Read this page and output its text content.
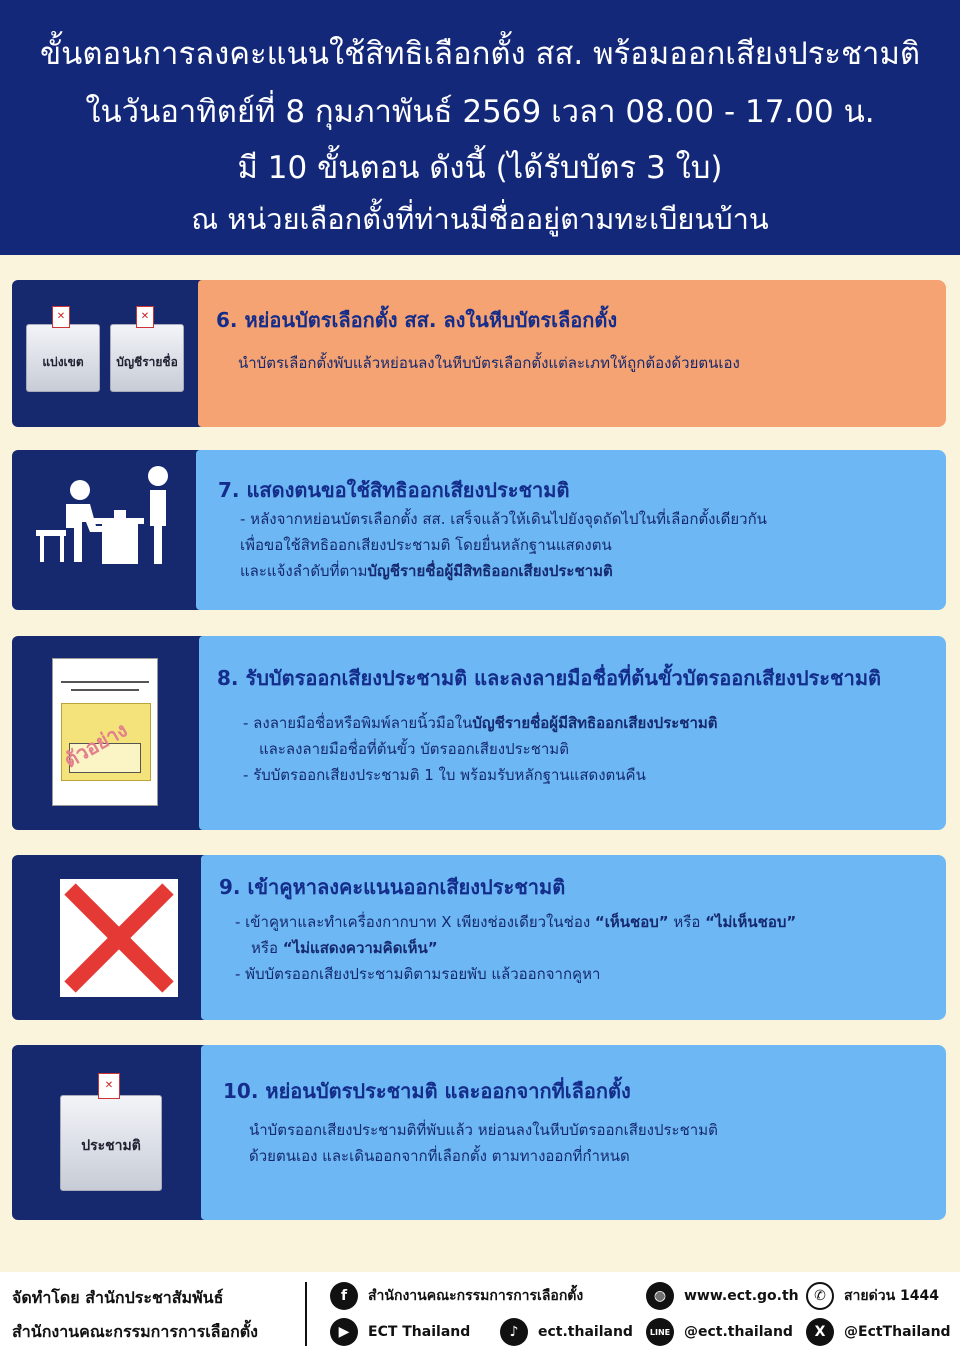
ขั้นตอนการลงคะแนนใช้สิทธิเลือกตั้ง สส. พร้อมออกเสียงประชามติ
ในวันอาทิตย์ที่ 8 กุมภาพันธ์ 2569 เวลา 08.00 - 17.00 น.
มี 10 ขั้นตอน ดังนี้ (ได้รับบัตร 3 ใบ)
ณ หน่วยเลือกตั้งที่ท่านมีชื่ออยู่ตามทะเบียนบ้าน
แบ่งเขต
✕
บัญชีรายชื่อ
✕	6. หย่อนบัตรเลือกตั้ง สส. ลงในหีบบัตรเลือกตั้ง
นำบัตรเลือกตั้งพับแล้วหย่อนลงในหีบบัตรเลือกตั้งแต่ละเภทให้ถูกต้องด้วยตนเอง
7. แสดงตนขอใช้สิทธิออกเสียงประชามติ
- หลังจากหย่อนบัตรเลือกตั้ง สส. เสร็จแล้วให้เดินไปยังจุดถัดไปในที่เลือกตั้งเดียวกัน
เพื่อขอใช้สิทธิออกเสียงประชามติ โดยยื่นหลักฐานแสดงตน
และแจ้งลำดับที่ตามบัญชีรายชื่อผู้มีสิทธิออกเสียงประชามติ
ตัวอย่าง
8. รับบัตรออกเสียงประชามติ และลงลายมือชื่อที่ต้นขั้วบัตรออกเสียงประชามติ
- ลงลายมือชื่อหรือพิมพ์ลายนิ้วมือในบัญชีรายชื่อผู้มีสิทธิออกเสียงประชามติ
และลงลายมือชื่อที่ต้นขั้ว บัตรออกเสียงประชามติ
- รับบัตรออกเสียงประชามติ 1 ใบ พร้อมรับหลักฐานแสดงตนคืน
9. เข้าคูหาลงคะแนนออกเสียงประชามติ
- เข้าคูหาและทำเครื่องกากบาท X เพียงช่องเดียวในช่อง “เห็นชอบ” หรือ “ไม่เห็นชอบ”
หรือ “ไม่แสดงความคิดเห็น”
- พับบัตรออกเสียงประชามติตามรอยพับ แล้วออกจากคูหา
ประชามติ
✕	10. หย่อนบัตรประชามติ และออกจากที่เลือกตั้ง
นำบัตรออกเสียงประชามติที่พับแล้ว หย่อนลงในหีบบัตรออกเสียงประชามติ
ด้วยตนเอง และเดินออกจากที่เลือกตั้ง ตามทางออกที่กำหนด
จัดทำโดย สำนักประชาสัมพันธ์
สำนักงานคณะกรรมการการเลือกตั้ง
f	สำนักงานคณะกรรมการการเลือกตั้ง	◍	www.ect.go.th	✆	สายด่วน 1444
▶	ECT Thailand	♪	ect.thailand	LINE @ect.thailand	X	@EctThailand
